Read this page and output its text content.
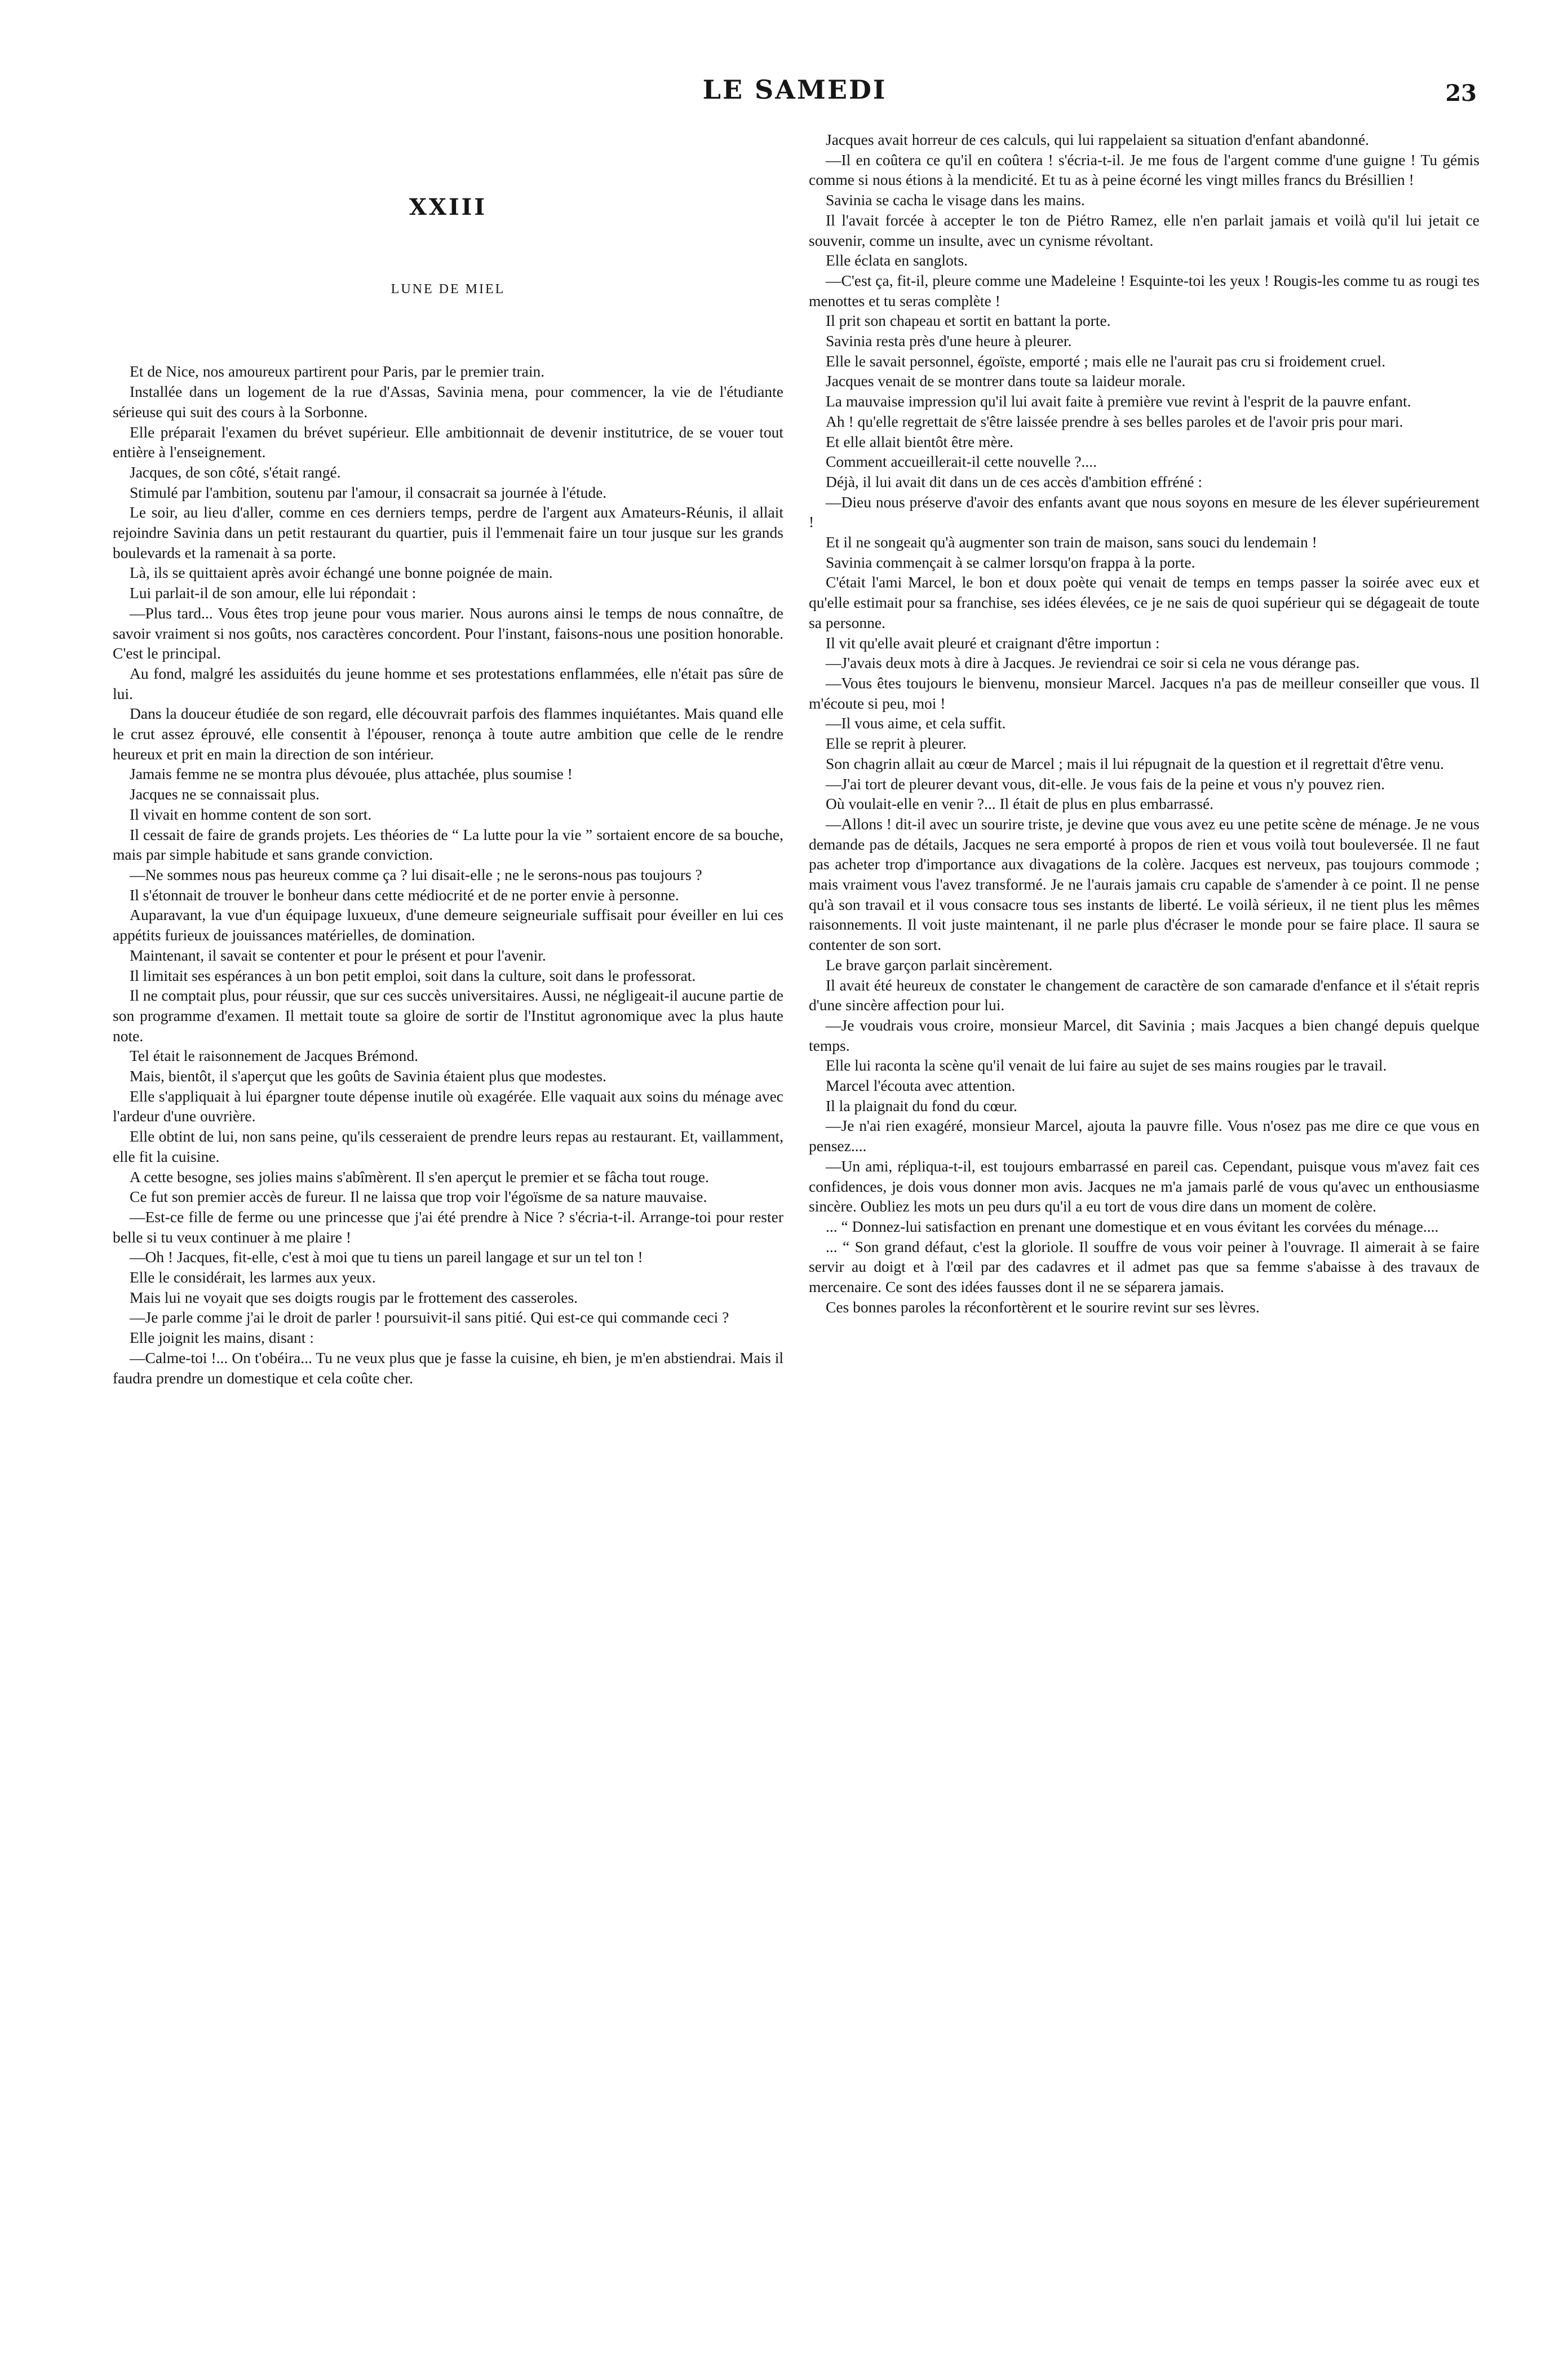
LE SAMEDI	23
XXIII
LUNE DE MIEL

Et de Nice, nos amoureux partirent pour Paris, par le premier train.

Installée dans un logement de la rue d'Assas, Savinia mena, pour commencer, la vie de l'étudiante sérieuse qui suit des cours à la Sorbonne.

Elle préparait l'examen du brévet supérieur. Elle ambitionnait de devenir institutrice, de se vouer tout entière à l'enseignement.

Jacques, de son côté, s'était rangé.

Stimulé par l'ambition, soutenu par l'amour, il consacrait sa journée à l'étude.

Le soir, au lieu d'aller, comme en ces derniers temps, perdre de l'argent aux Amateurs-Réunis, il allait rejoindre Savinia dans un petit restaurant du quartier, puis il l'emmenait faire un tour jusque sur les grands boulevards et la ramenait à sa porte.

Là, ils se quittaient après avoir échangé une bonne poignée de main.

Lui parlait-il de son amour, elle lui répondait :

—Plus tard... Vous êtes trop jeune pour vous marier. Nous aurons ainsi le temps de nous connaître, de savoir vraiment si nos goûts, nos caractères concordent. Pour l'instant, faisons-nous une position honorable. C'est le principal.

Au fond, malgré les assiduités du jeune homme et ses protestations enflammées, elle n'était pas sûre de lui.

Dans la douceur étudiée de son regard, elle découvrait parfois des flammes inquiétantes. Mais quand elle le crut assez éprouvé, elle consentit à l'épouser, renonça à toute autre ambition que celle de le rendre heureux et prit en main la direction de son intérieur.

Jamais femme ne se montra plus dévouée, plus attachée, plus soumise !

Jacques ne se connaissait plus.

Il vivait en homme content de son sort.

Il cessait de faire de grands projets. Les théories de “ La lutte pour la vie ” sortaient encore de sa bouche, mais par simple habitude et sans grande conviction.

—Ne sommes nous pas heureux comme ça ? lui disait-elle ; ne le serons-nous pas toujours ?

Il s'étonnait de trouver le bonheur dans cette médiocrité et de ne porter envie à personne.

Auparavant, la vue d'un équipage luxueux, d'une demeure seigneuriale suffisait pour éveiller en lui ces appétits furieux de jouissances matérielles, de domination.

Maintenant, il savait se contenter et pour le présent et pour l'avenir.

Il limitait ses espérances à un bon petit emploi, soit dans la culture, soit dans le professorat.

Il ne comptait plus, pour réussir, que sur ces succès universitaires. Aussi, ne négligeait-il aucune partie de son programme d'examen. Il mettait toute sa gloire de sortir de l'Institut agronomique avec la plus haute note.

Tel était le raisonnement de Jacques Brémond.

Mais, bientôt, il s'aperçut que les goûts de Savinia étaient plus que modestes.

Elle s'appliquait à lui épargner toute dépense inutile où exagérée. Elle vaquait aux soins du ménage avec l'ardeur d'une ouvrière.

Elle obtint de lui, non sans peine, qu'ils cesseraient de prendre leurs repas au restaurant. Et, vaillamment, elle fit la cuisine.

A cette besogne, ses jolies mains s'abîmèrent. Il s'en aperçut le premier et se fâcha tout rouge.

Ce fut son premier accès de fureur. Il ne laissa que trop voir l'égoïsme de sa nature mauvaise.

—Est-ce fille de ferme ou une princesse que j'ai été prendre à Nice ? s'écria-t-il. Arrange-toi pour rester belle si tu veux continuer à me plaire !

—Oh ! Jacques, fit-elle, c'est à moi que tu tiens un pareil langage et sur un tel ton !

Elle le considérait, les larmes aux yeux.

Mais lui ne voyait que ses doigts rougis par le frottement des casseroles.

—Je parle comme j'ai le droit de parler ! poursuivit-il sans pitié. Qui est-ce qui commande ceci ?

Elle joignit les mains, disant :

—Calme-toi !... On t'obéira... Tu ne veux plus que je fasse la cuisine, eh bien, je m'en abstiendrai. Mais il faudra prendre un domestique et cela coûte cher.

Jacques avait horreur de ces calculs, qui lui rappelaient sa situation d'enfant abandonné.

—Il en coûtera ce qu'il en coûtera ! s'écria-t-il. Je me fous de l'argent comme d'une guigne ! Tu gémis comme si nous étions à la mendicité. Et tu as à peine écorné les vingt milles francs du Brésillien !

Savinia se cacha le visage dans les mains.

Il l'avait forcée à accepter le ton de Piétro Ramez, elle n'en parlait jamais et voilà qu'il lui jetait ce souvenir, comme un insulte, avec un cynisme révoltant.

Elle éclata en sanglots.

—C'est ça, fit-il, pleure comme une Madeleine ! Esquinte-toi les yeux ! Rougis-les comme tu as rougi tes menottes et tu seras complète !

Il prit son chapeau et sortit en battant la porte.

Savinia resta près d'une heure à pleurer.

Elle le savait personnel, égoïste, emporté ; mais elle ne l'aurait pas cru si froidement cruel.

Jacques venait de se montrer dans toute sa laideur morale.

La mauvaise impression qu'il lui avait faite à première vue revint à l'esprit de la pauvre enfant.

Ah ! qu'elle regrettait de s'être laissée prendre à ses belles paroles et de l'avoir pris pour mari.

Et elle allait bientôt être mère.

Comment accueillerait-il cette nouvelle ?....

Déjà, il lui avait dit dans un de ces accès d'ambition effréné :

—Dieu nous préserve d'avoir des enfants avant que nous soyons en mesure de les élever supérieurement !

Et il ne songeait qu'à augmenter son train de maison, sans souci du lendemain !

Savinia commençait à se calmer lorsqu'on frappa à la porte.

C'était l'ami Marcel, le bon et doux poète qui venait de temps en temps passer la soirée avec eux et qu'elle estimait pour sa franchise, ses idées élevées, ce je ne sais de quoi supérieur qui se dégageait de toute sa personne.

Il vit qu'elle avait pleuré et craignant d'être importun :

—J'avais deux mots à dire à Jacques. Je reviendrai ce soir si cela ne vous dérange pas.

—Vous êtes toujours le bienvenu, monsieur Marcel. Jacques n'a pas de meilleur conseiller que vous. Il m'écoute si peu, moi !

—Il vous aime, et cela suffit.

Elle se reprit à pleurer.

Son chagrin allait au cœur de Marcel ; mais il lui répugnait de la question et il regrettait d'être venu.

—J'ai tort de pleurer devant vous, dit-elle. Je vous fais de la peine et vous n'y pouvez rien.

Où voulait-elle en venir ?... Il était de plus en plus embarrassé.

—Allons ! dit-il avec un sourire triste, je devine que vous avez eu une petite scène de ménage. Je ne vous demande pas de détails, Jacques ne sera emporté à propos de rien et vous voilà tout bouleversée. Il ne faut pas acheter trop d'importance aux divagations de la colère. Jacques est nerveux, pas toujours commode ; mais vraiment vous l'avez transformé. Je ne l'aurais jamais cru capable de s'amender à ce point. Il ne pense qu'à son travail et il vous consacre tous ses instants de liberté. Le voilà sérieux, il ne tient plus les mêmes raisonnements. Il voit juste maintenant, il ne parle plus d'écraser le monde pour se faire place. Il saura se contenter de son sort.

Le brave garçon parlait sincèrement.

Il avait été heureux de constater le changement de caractère de son camarade d'enfance et il s'était repris d'une sincère affection pour lui.

—Je voudrais vous croire, monsieur Marcel, dit Savinia ; mais Jacques a bien changé depuis quelque temps.

Elle lui raconta la scène qu'il venait de lui faire au sujet de ses mains rougies par le travail.

Marcel l'écouta avec attention.

Il la plaignait du fond du cœur.

—Je n'ai rien exagéré, monsieur Marcel, ajouta la pauvre fille. Vous n'osez pas me dire ce que vous en pensez....

—Un ami, répliqua-t-il, est toujours embarrassé en pareil cas. Cependant, puisque vous m'avez fait ces confidences, je dois vous donner mon avis. Jacques ne m'a jamais parlé de vous qu'avec un enthousiasme sincère. Oubliez les mots un peu durs qu'il a eu tort de vous dire dans un moment de colère.

... “ Donnez-lui satisfaction en prenant une domestique et en vous évitant les corvées du ménage....

... “ Son grand défaut, c'est la gloriole. Il souffre de vous voir peiner à l'ouvrage. Il aimerait à se faire servir au doigt et à l'œil par des cadavres et il admet pas que sa femme s'abaisse à des travaux de mercenaire. Ce sont des idées fausses dont il ne se séparera jamais.

Ces bonnes paroles la réconfortèrent et le sourire revint sur ses lèvres.
